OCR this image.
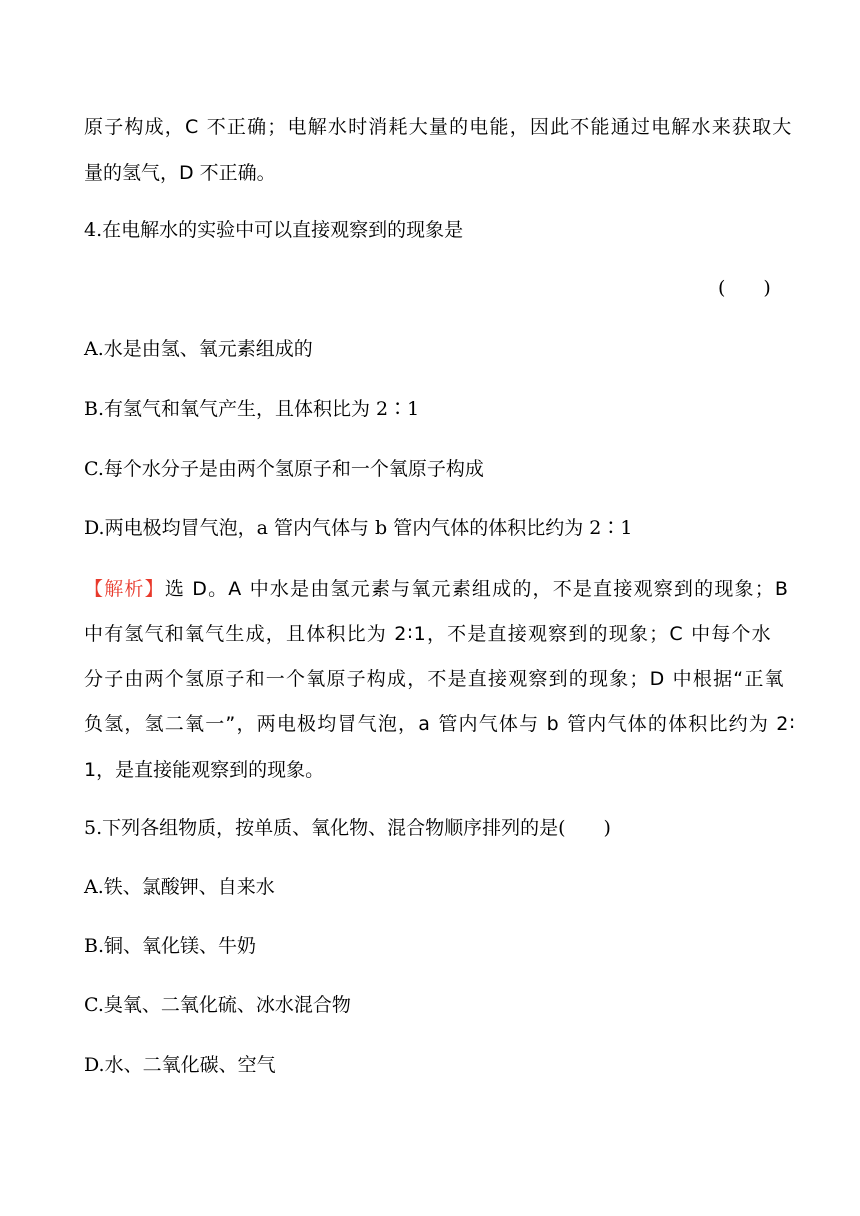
原子构成，C 不正确；电解水时消耗大量的电能，因此不能通过电解水来获取大
量的氢气，D 不正确。
4.在电解水的实验中可以直接观察到的现象是
(　　)
A.水是由氢、氧元素组成的
B.有氢气和氧气产生，且体积比为 2∶1
C.每个水分子是由两个氢原子和一个氧原子构成
D.两电极均冒气泡，a 管内气体与 b 管内气体的体积比约为 2∶1
【解析】选 D。A 中水是由氢元素与氧元素组成的，不是直接观察到的现象；B
中有氢气和氧气生成，且体积比为 2∶1，不是直接观察到的现象；C 中每个水
分子由两个氢原子和一个氧原子构成，不是直接观察到的现象；D 中根据“正氧
负氢，氢二氧一”，两电极均冒气泡，a 管内气体与 b 管内气体的体积比约为 2∶
1，是直接能观察到的现象。
5.下列各组物质，按单质、氧化物、混合物顺序排列的是(　　)
A.铁、氯酸钾、自来水
B.铜、氧化镁、牛奶
C.臭氧、二氧化硫、冰水混合物
D.水、二氧化碳、空气
